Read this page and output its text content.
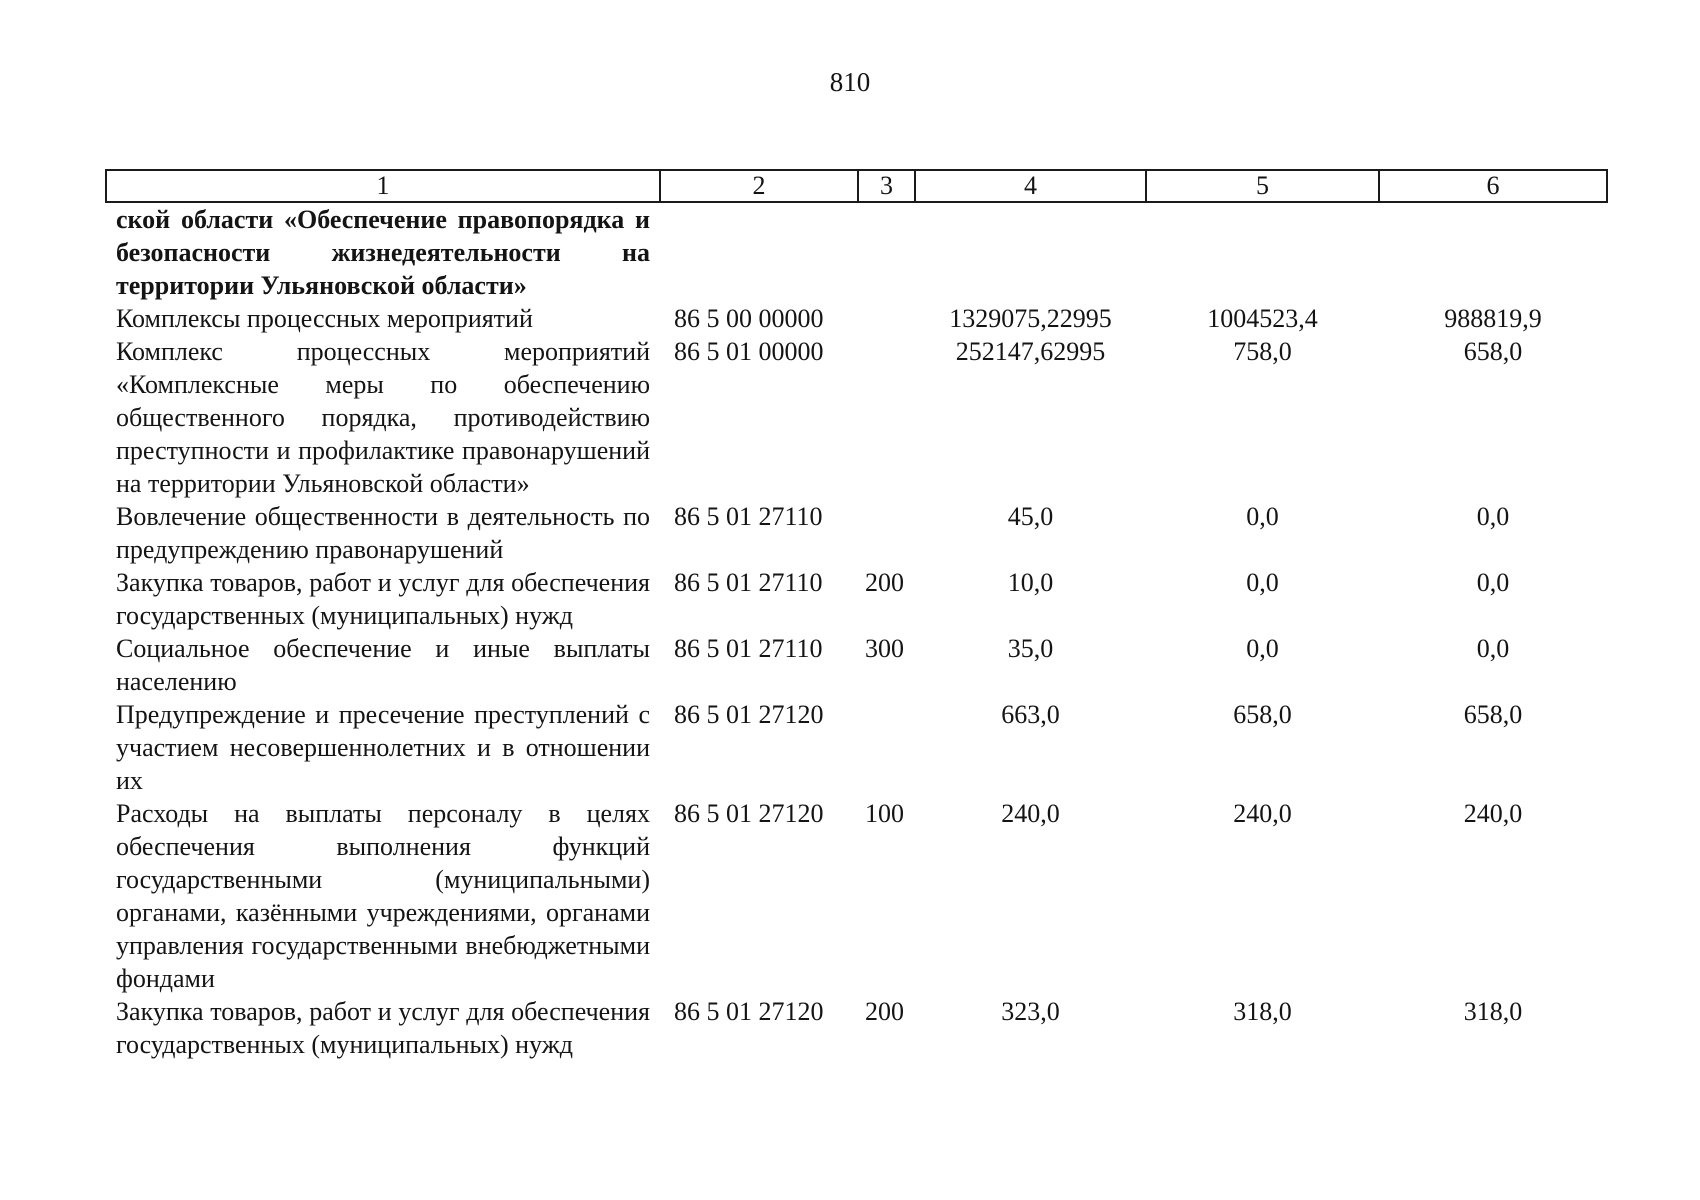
810
1	2	3	4	5	6
ской области «Обеспечение правопорядка и безопасности жизнедеятельности на территории Ульяновской области»					
Комплексы процессных мероприятий	86 5 00 00000		1329075,22995	1004523,4	988819,9
Комплекс процессных мероприятий «Комплексные меры по обеспечению общественного порядка, противодействию преступности и профилактике правонарушений на территории Ульяновской области»	86 5 01 00000		252147,62995	758,0	658,0
Вовлечение общественности в деятельность по предупреждению правонарушений	86 5 01 27110		45,0	0,0	0,0
Закупка товаров, работ и услуг для обеспечения государственных (муниципальных) нужд	86 5 01 27110	200	10,0	0,0	0,0
Социальное обеспечение и иные выплаты населению	86 5 01 27110	300	35,0	0,0	0,0
Предупреждение и пресечение преступлений с участием несовершеннолетних и в отношении их	86 5 01 27120		663,0	658,0	658,0
Расходы на выплаты персоналу в целях обеспечения выполнения функций государственными (муниципальными) органами, казёнными учреждениями, органами управления государственными внебюджетными фондами	86 5 01 27120	100	240,0	240,0	240,0
Закупка товаров, работ и услуг для обеспечения государственных (муниципальных) нужд	86 5 01 27120	200	323,0	318,0	318,0
